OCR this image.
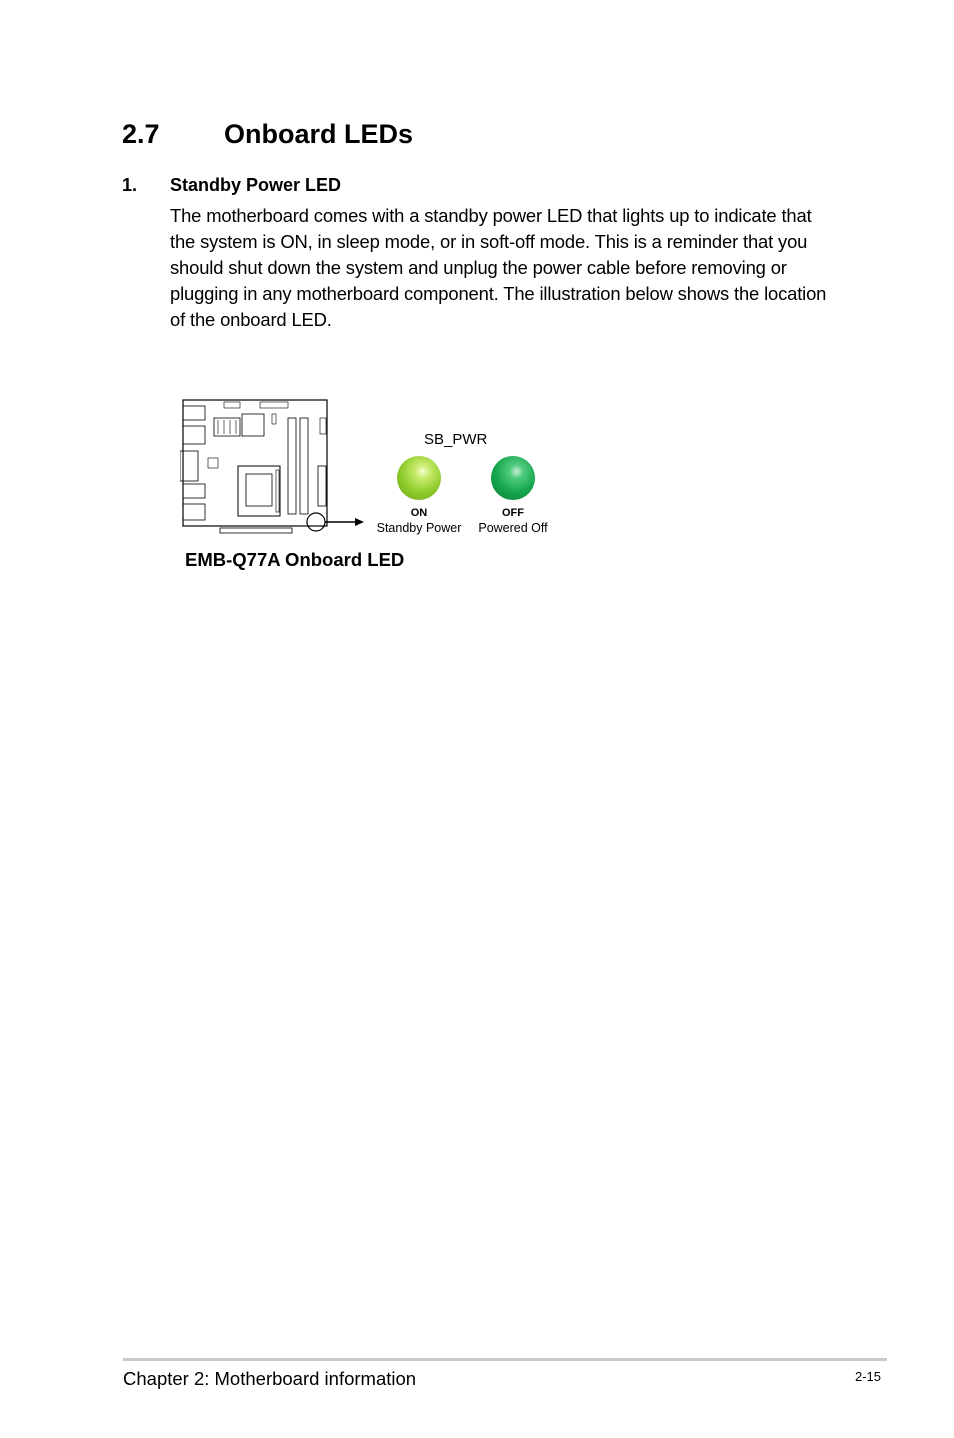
2.7 Onboard LEDs
1. Standby Power LED
The motherboard comes with a standby power LED that lights up to indicate that the system is ON, in sleep mode, or in soft-off mode. This is a reminder that you should shut down the system and unplug the power cable before removing or plugging in any motherboard component. The illustration below shows the location of the onboard LED.
SB_PWR
ON
Standby Power
OFF
Powered Off
EMB-Q77A Onboard LED
Chapter 2: Motherboard information	2-15
